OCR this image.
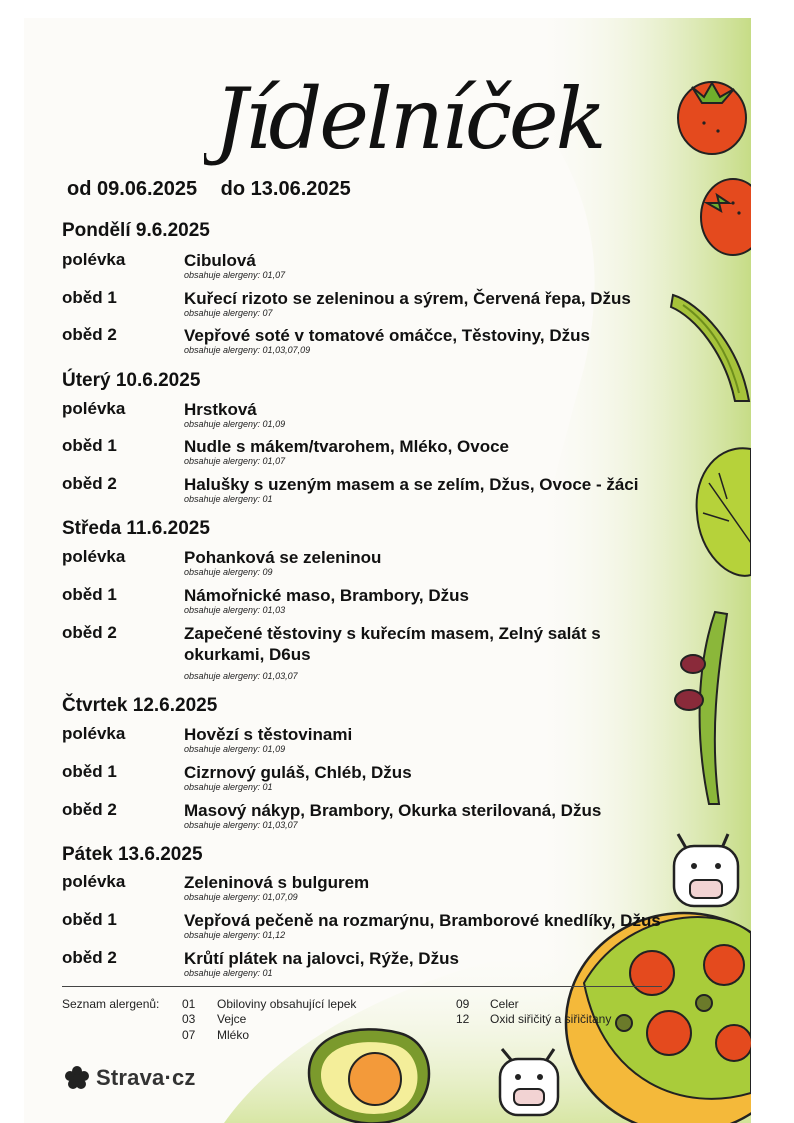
Jídelníček
od 09.06.2025 do 13.06.2025
Pondělí 9.6.2025
polévka	Cibulová
obsahuje alergeny: 01,07
oběd 1	Kuřecí rizoto se zeleninou a sýrem, Červená řepa, Džus
obsahuje alergeny: 07
oběd 2	Vepřové soté v tomatové omáčce, Těstoviny, Džus
obsahuje alergeny: 01,03,07,09
Úterý 10.6.2025
polévka	Hrstková
obsahuje alergeny: 01,09
oběd 1	Nudle s mákem/tvarohem, Mléko, Ovoce
obsahuje alergeny: 01,07
oběd 2	Halušky s uzeným masem a se zelím, Džus, Ovoce - žáci
obsahuje alergeny: 01
Středa 11.6.2025
polévka	Pohanková se zeleninou
obsahuje alergeny: 09
oběd 1	Námořnické maso, Brambory, Džus
obsahuje alergeny: 01,03
oběd 2	Zapečené těstoviny s kuřecím masem, Zelný salát s okurkami, D6us
obsahuje alergeny: 01,03,07
Čtvrtek 12.6.2025
polévka	Hovězí s těstovinami
obsahuje alergeny: 01,09
oběd 1	Cizrnový guláš, Chléb, Džus
obsahuje alergeny: 01
oběd 2	Masový nákyp, Brambory, Okurka sterilovaná, Džus
obsahuje alergeny: 01,03,07
Pátek 13.6.2025
polévka	Zeleninová s bulgurem
obsahuje alergeny: 01,07,09
oběd 1	Vepřová pečeně na rozmarýnu, Bramborové knedlíky, Džus
obsahuje alergeny: 01,12
oběd 2	Krůtí plátek na jalovci, Rýže, Džus
obsahuje alergeny: 01
Seznam alergenů: 01 Obiloviny obsahující lepek
03 Vejce
07 Mléko
09 Celer
12 Oxid siřičitý a siřičitany
Strava·cz
